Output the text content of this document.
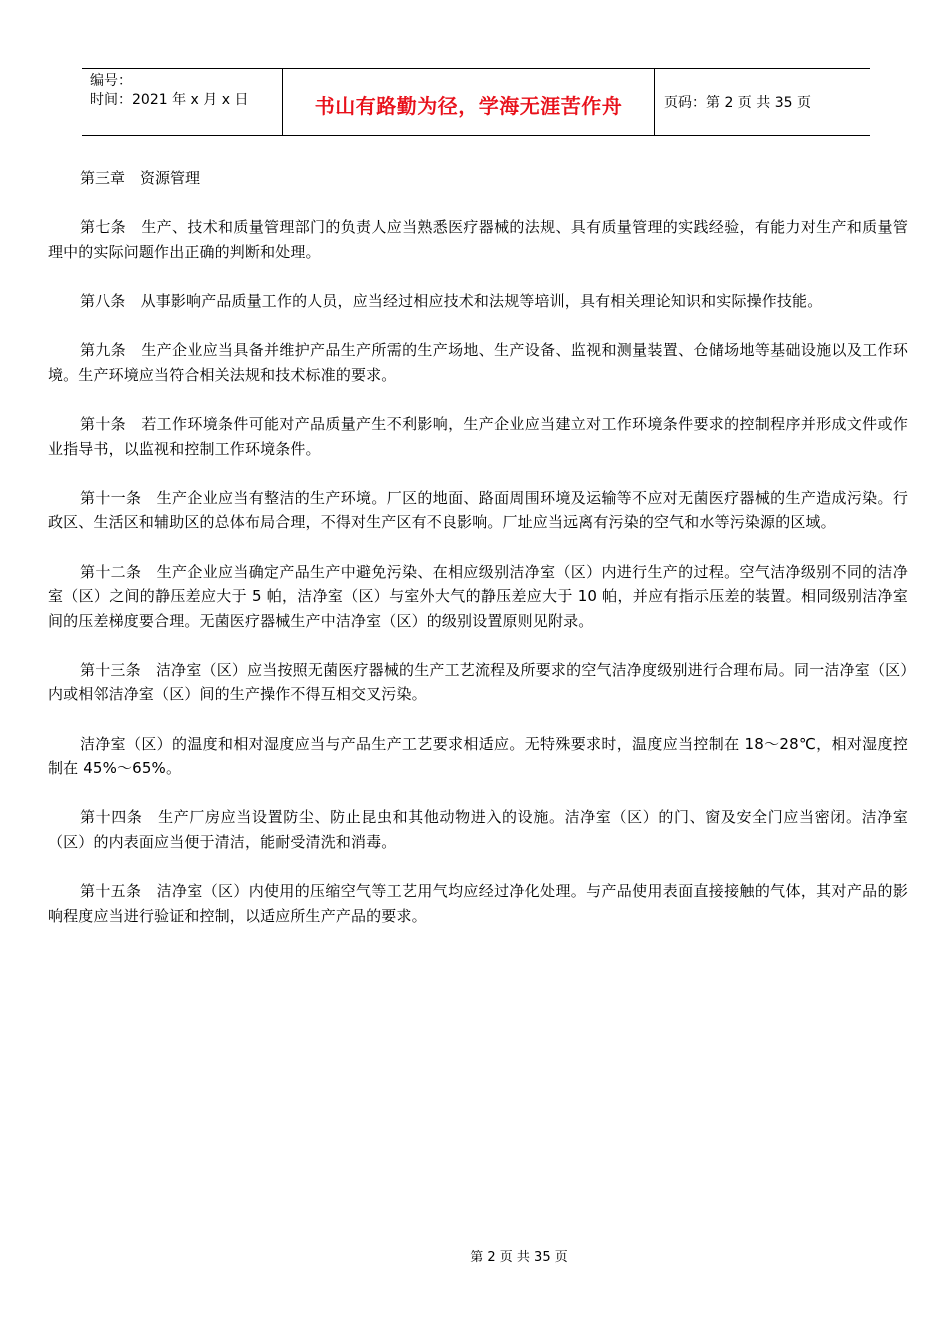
编号：
时间：2021 年 x 月 x 日	书山有路勤为径，学海无涯苦作舟	页码：第 2 页 共 35 页

第三章　资源管理

第七条　生产、技术和质量管理部门的负责人应当熟悉医疗器械的法规、具有质量管理的实践经验，有能力对生产和质量管理中的实际问题作出正确的判断和处理。

第八条　从事影响产品质量工作的人员，应当经过相应技术和法规等培训，具有相关理论知识和实际操作技能。

第九条　生产企业应当具备并维护产品生产所需的生产场地、生产设备、监视和测量装置、仓储场地等基础设施以及工作环境。生产环境应当符合相关法规和技术标准的要求。

第十条　若工作环境条件可能对产品质量产生不利影响，生产企业应当建立对工作环境条件要求的控制程序并形成文件或作业指导书，以监视和控制工作环境条件。

第十一条　生产企业应当有整洁的生产环境。厂区的地面、路面周围环境及运输等不应对无菌医疗器械的生产造成污染。行政区、生活区和辅助区的总体布局合理，不得对生产区有不良影响。厂址应当远离有污染的空气和水等污染源的区域。

第十二条　生产企业应当确定产品生产中避免污染、在相应级别洁净室（区）内进行生产的过程。空气洁净级别不同的洁净室（区）之间的静压差应大于 5 帕，洁净室（区）与室外大气的静压差应大于 10 帕，并应有指示压差的装置。相同级别洁净室间的压差梯度要合理。无菌医疗器械生产中洁净室（区）的级别设置原则见附录。

第十三条　洁净室（区）应当按照无菌医疗器械的生产工艺流程及所要求的空气洁净度级别进行合理布局。同一洁净室（区）内或相邻洁净室（区）间的生产操作不得互相交叉污染。

洁净室（区）的温度和相对湿度应当与产品生产工艺要求相适应。无特殊要求时，温度应当控制在 18～28℃，相对湿度控制在 45%～65%。

第十四条　生产厂房应当设置防尘、防止昆虫和其他动物进入的设施。洁净室（区）的门、窗及安全门应当密闭。洁净室（区）的内表面应当便于清洁，能耐受清洗和消毒。

第十五条　洁净室（区）内使用的压缩空气等工艺用气均应经过净化处理。与产品使用表面直接接触的气体，其对产品的影响程度应当进行验证和控制，以适应所生产产品的要求。

第 2 页 共 35 页
